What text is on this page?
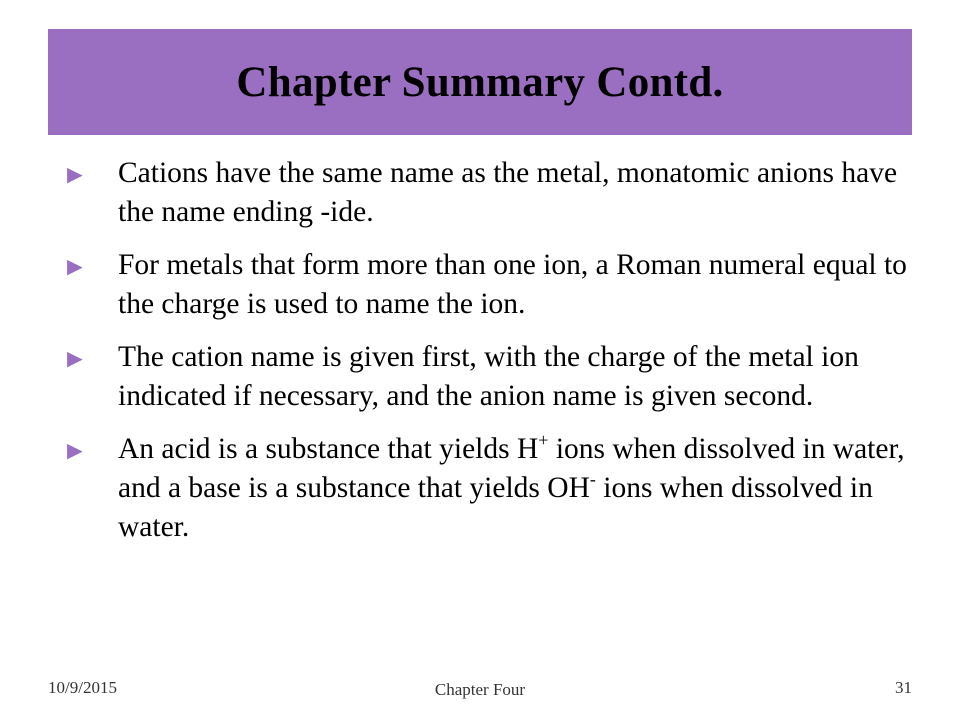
Chapter Summary Contd.
► Cations have the same name as the metal, monatomic anions have the name ending -ide.
► For metals that form more than one ion, a Roman numeral equal to the charge is used to name the ion.
► The cation name is given first, with the charge of the metal ion indicated if necessary, and the anion name is given second.
► An acid is a substance that yields H+ ions when dissolved in water, and a base is a substance that yields OH- ions when dissolved in water.
10/9/2015	Chapter Four	31
